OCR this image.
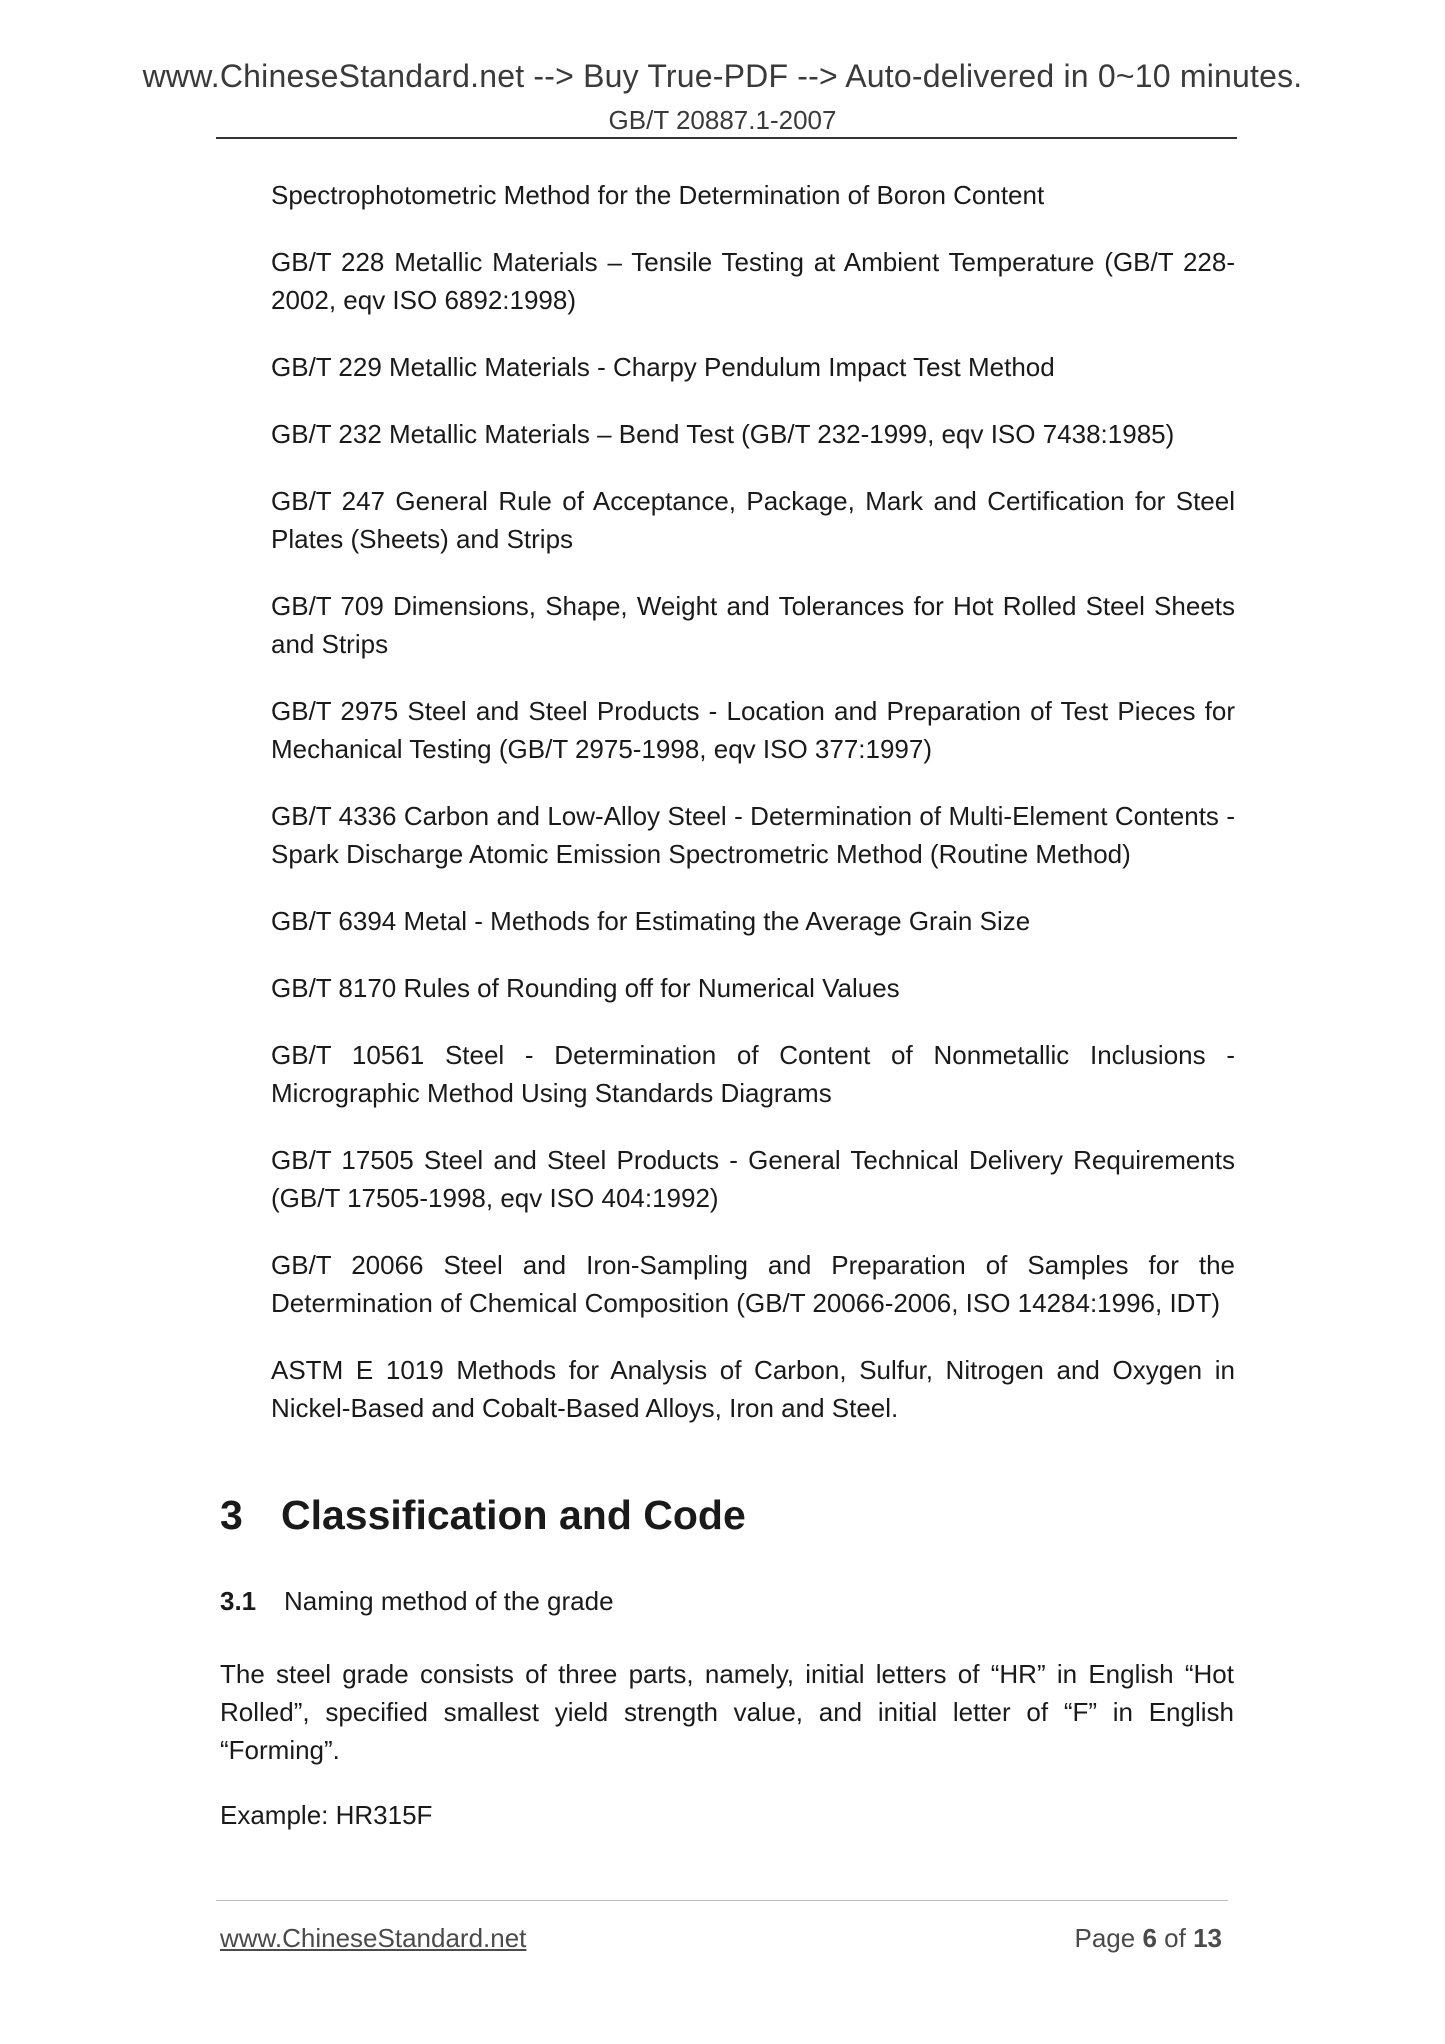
www.ChineseStandard.net --> Buy True-PDF --> Auto-delivered in 0~10 minutes.
GB/T 20887.1-2007

Spectrophotometric Method for the Determination of Boron Content

GB/T 228 Metallic Materials – Tensile Testing at Ambient Temperature (GB/T 228-2002, eqv ISO 6892:1998)

GB/T 229 Metallic Materials - Charpy Pendulum Impact Test Method

GB/T 232 Metallic Materials – Bend Test (GB/T 232-1999, eqv ISO 7438:1985)

GB/T 247 General Rule of Acceptance, Package, Mark and Certification for Steel Plates (Sheets) and Strips

GB/T 709 Dimensions, Shape, Weight and Tolerances for Hot Rolled Steel Sheets and Strips

GB/T 2975 Steel and Steel Products - Location and Preparation of Test Pieces for Mechanical Testing (GB/T 2975-1998, eqv ISO 377:1997)

GB/T 4336 Carbon and Low-Alloy Steel - Determination of Multi-Element Contents -Spark Discharge Atomic Emission Spectrometric Method (Routine Method)

GB/T 6394 Metal - Methods for Estimating the Average Grain Size

GB/T 8170 Rules of Rounding off for Numerical Values

GB/T 10561 Steel - Determination of Content of Nonmetallic Inclusions - Micrographic Method Using Standards Diagrams

GB/T 17505 Steel and Steel Products - General Technical Delivery Requirements (GB/T 17505-1998, eqv ISO 404:1992)

GB/T 20066 Steel and Iron-Sampling and Preparation of Samples for the Determination of Chemical Composition (GB/T 20066-2006, ISO 14284:1996, IDT)

ASTM E 1019 Methods for Analysis of Carbon, Sulfur, Nitrogen and Oxygen in Nickel-Based and Cobalt-Based Alloys, Iron and Steel.

3 Classification and Code
3.1 Naming method of the grade

The steel grade consists of three parts, namely, initial letters of “HR” in English “Hot Rolled”, specified smallest yield strength value, and initial letter of “F” in English “Forming”.

Example: HR315F
www.ChineseStandard.net	Page 6 of 13
